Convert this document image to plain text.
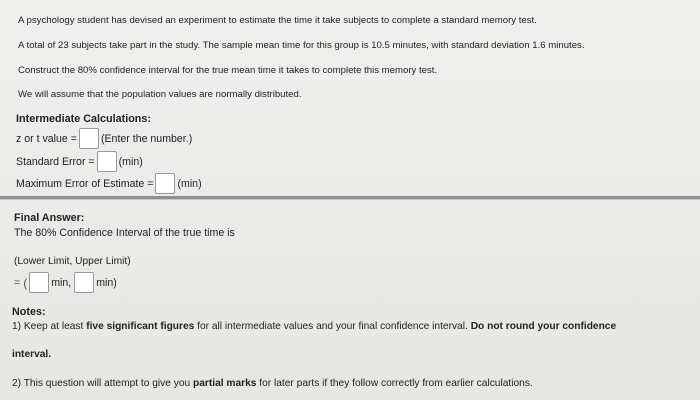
A psychology student has devised an experiment to estimate the time it take subjects to complete a standard memory test.
A total of 23 subjects take part in the study. The sample mean time for this group is 10.5 minutes, with standard deviation 1.6 minutes.
Construct the 80% confidence interval for the true mean time it takes to complete this memory test.
We will assume that the population values are normally distributed.
Intermediate Calculations:
z or t value = (Enter the number.)
Standard Error = (min)
Maximum Error of Estimate = (min)
Final Answer:
The 80% Confidence Interval of the true time is
(Lower Limit, Upper Limit)
= ( min, min)
Notes:
1) Keep at least five significant figures for all intermediate values and your final confidence interval. Do not round your confidence
interval.
2) This question will attempt to give you partial marks for later parts if they follow correctly from earlier calculations.
